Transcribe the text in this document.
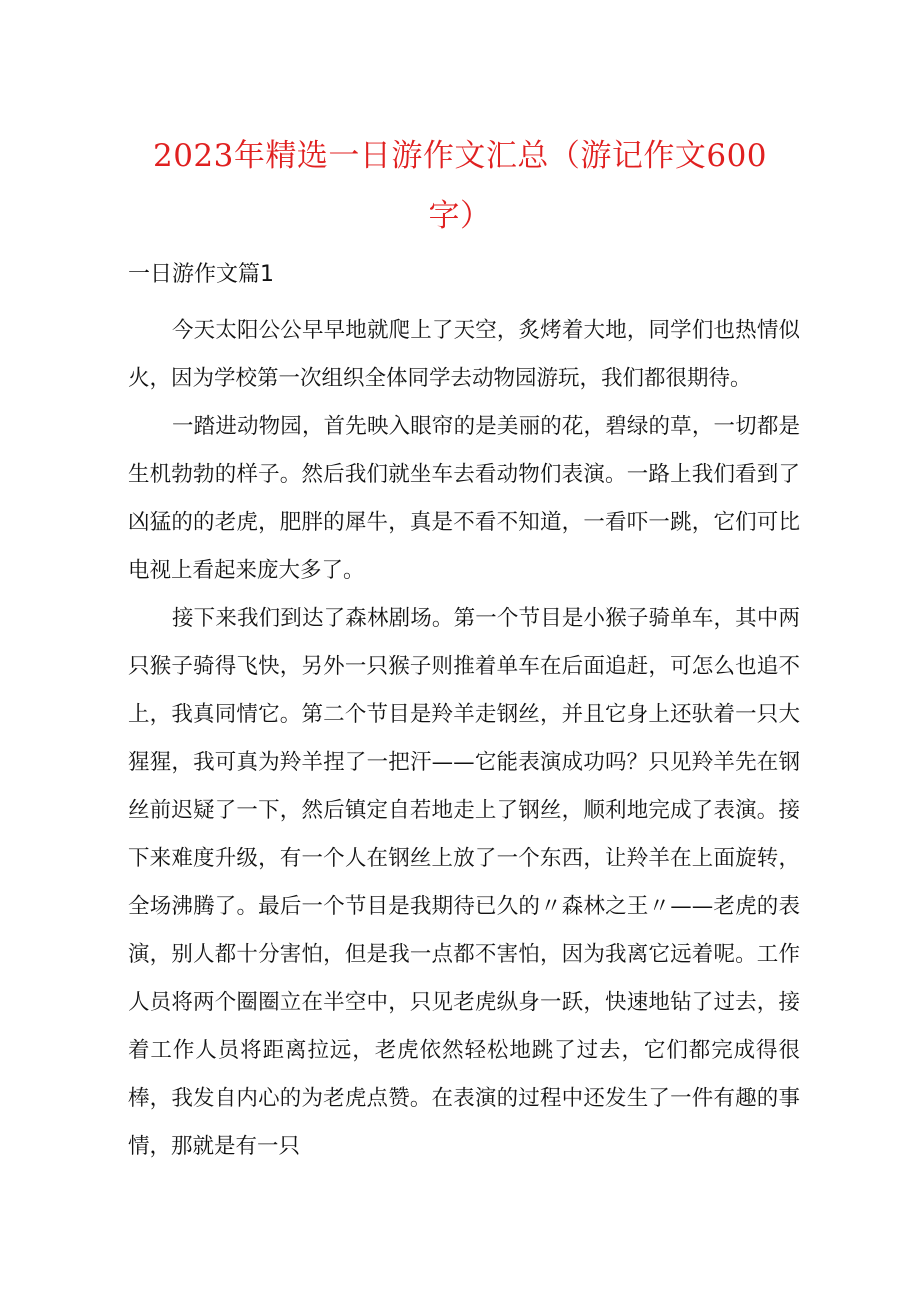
2023年精选一日游作文汇总（游记作文600
字）
一日游作文篇1

今天太阳公公早早地就爬上了天空，炙烤着大地，同学们也热情似火，因为学校第一次组织全体同学去动物园游玩，我们都很期待。

一踏进动物园，首先映入眼帘的是美丽的花，碧绿的草，一切都是生机勃勃的样子。然后我们就坐车去看动物们表演。一路上我们看到了凶猛的的老虎，肥胖的犀牛，真是不看不知道，一看吓一跳，它们可比电视上看起来庞大多了。

接下来我们到达了森林剧场。第一个节目是小猴子骑单车，其中两只猴子骑得飞快，另外一只猴子则推着单车在后面追赶，可怎么也追不上，我真同情它。第二个节目是羚羊走钢丝，并且它身上还驮着一只大猩猩，我可真为羚羊捏了一把汗——它能表演成功吗？只见羚羊先在钢丝前迟疑了一下，然后镇定自若地走上了钢丝，顺利地完成了表演。接下来难度升级，有一个人在钢丝上放了一个东西，让羚羊在上面旋转，全场沸腾了。最后一个节目是我期待已久的〃森林之王〃——老虎的表演，别人都十分害怕，但是我一点都不害怕，因为我离它远着呢。工作人员将两个圈圈立在半空中，只见老虎纵身一跃，快速地钻了过去，接着工作人员将距离拉远，老虎依然轻松地跳了过去，它们都完成得很棒，我发自内心的为老虎点赞。在表演的过程中还发生了一件有趣的事情，那就是有一只
